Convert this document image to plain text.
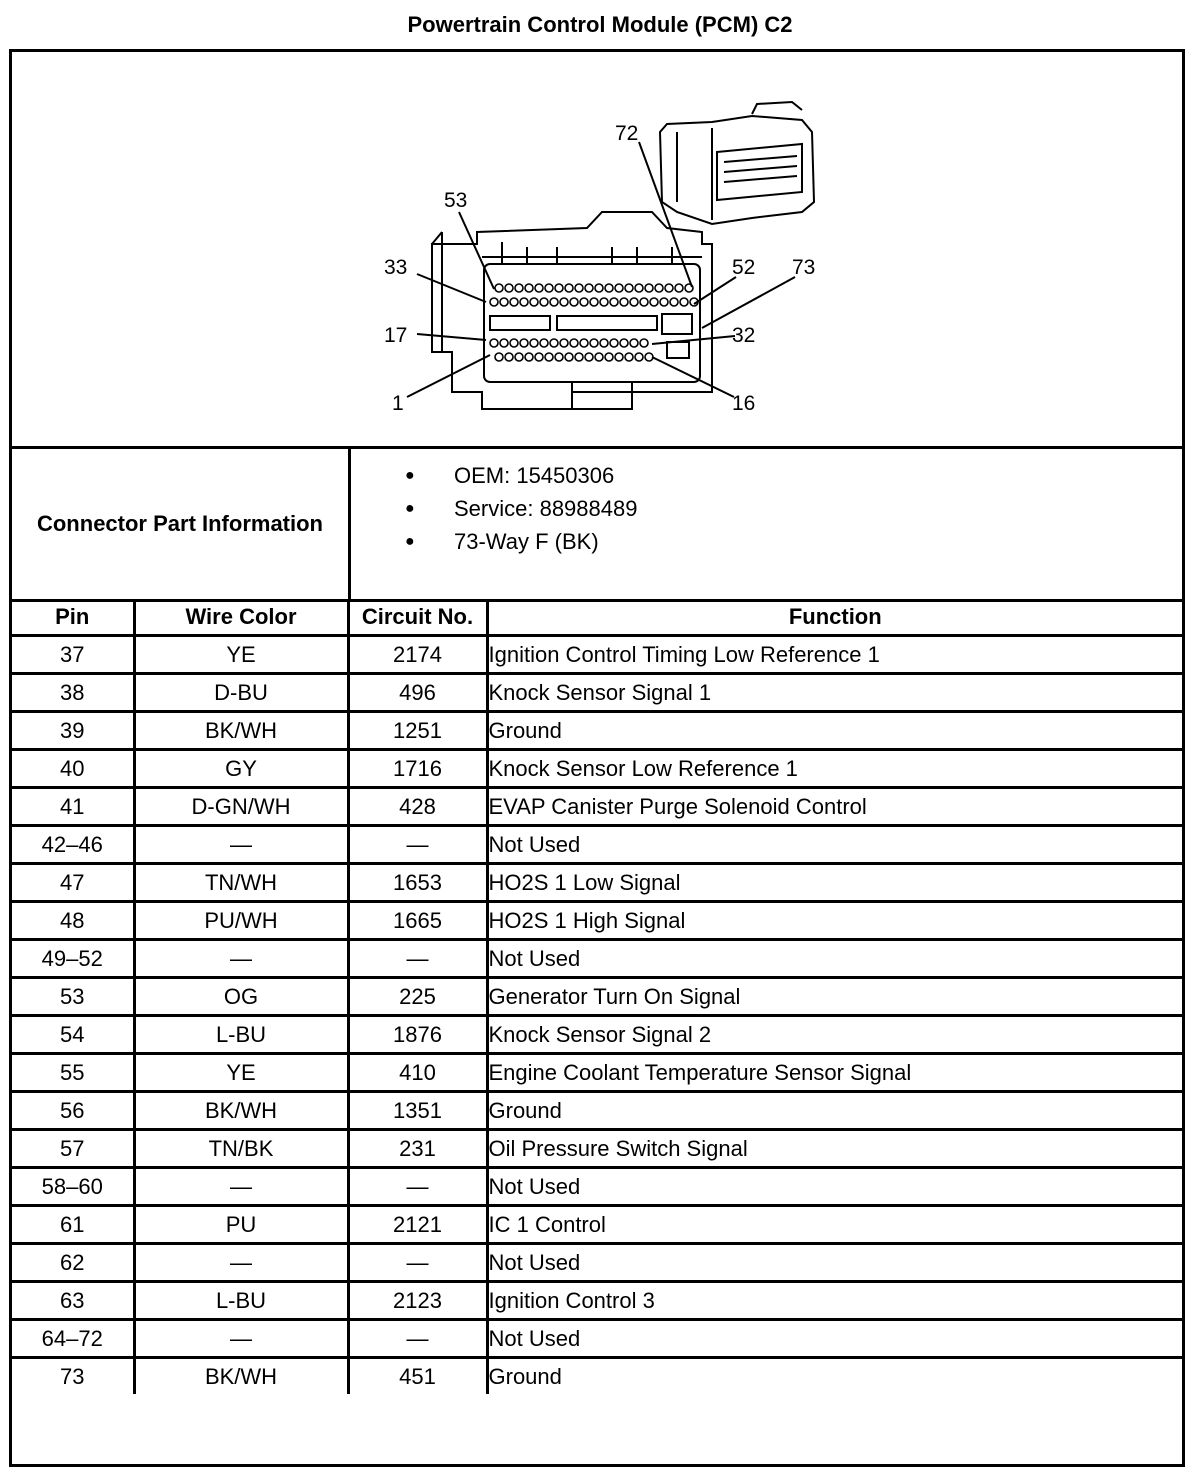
Powertrain Control Module (PCM) C2
72
53
33	52 73
17	32
1	16
Connector Part Information
● OEM: 15450306
● Service: 88988489
● 73-Way F (BK)
Pin	Wire Color	Circuit No.	Function
37	YE	2174	Ignition Control Timing Low Reference 1
38	D-BU	496	Knock Sensor Signal 1
39	BK/WH	1251	Ground
40	GY	1716	Knock Sensor Low Reference 1
41	D-GN/WH	428	EVAP Canister Purge Solenoid Control
42–46	—	—	Not Used
47	TN/WH	1653	HO2S 1 Low Signal
48	PU/WH	1665	HO2S 1 High Signal
49–52	—	—	Not Used
53	OG	225	Generator Turn On Signal
54	L-BU	1876	Knock Sensor Signal 2
55	YE	410	Engine Coolant Temperature Sensor Signal
56	BK/WH	1351	Ground
57	TN/BK	231	Oil Pressure Switch Signal
58–60	—	—	Not Used
61	PU	2121	IC 1 Control
62	—	—	Not Used
63	L-BU	2123	Ignition Control 3
64–72	—	—	Not Used
73	BK/WH	451	Ground
